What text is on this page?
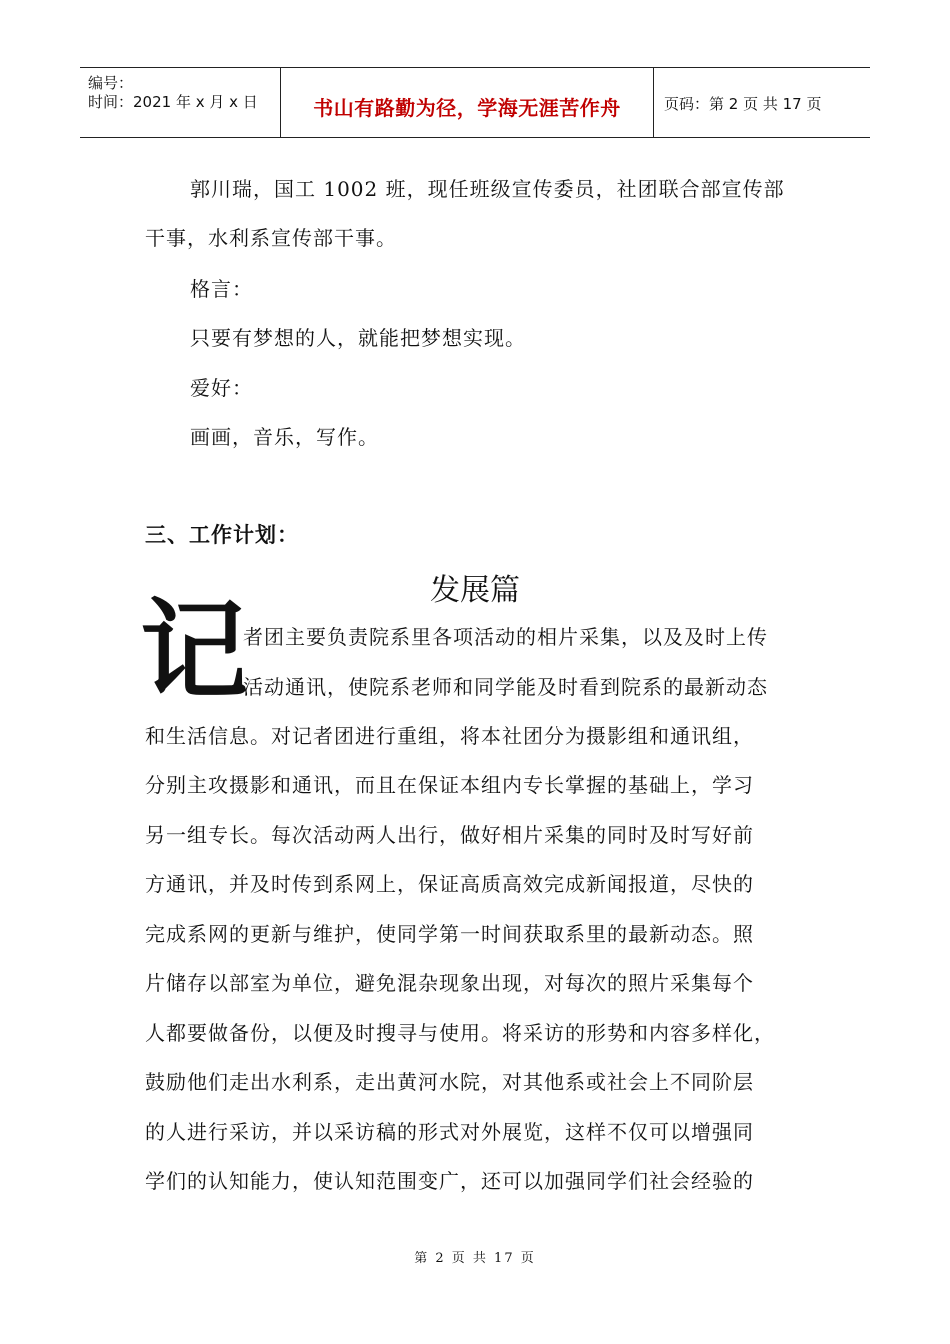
编号：
时间：2021 年 x 月 x 日	书山有路勤为径，学海无涯苦作舟	页码：第 2 页 共 17 页
郭川瑞，国工 1002 班，现任班级宣传委员，社团联合部宣传部
干事，水利系宣传部干事。
格言：
只要有梦想的人，就能把梦想实现。
爱好：
画画，音乐，写作。
三、工作计划：
发展篇
记
者团主要负责院系里各项活动的相片采集，以及及时上传
活动通讯，使院系老师和同学能及时看到院系的最新动态
和生活信息。对记者团进行重组，将本社团分为摄影组和通讯组，
分别主攻摄影和通讯，而且在保证本组内专长掌握的基础上，学习
另一组专长。每次活动两人出行，做好相片采集的同时及时写好前
方通讯，并及时传到系网上，保证高质高效完成新闻报道，尽快的
完成系网的更新与维护，使同学第一时间获取系里的最新动态。照
片储存以部室为单位，避免混杂现象出现，对每次的照片采集每个
人都要做备份，以便及时搜寻与使用。将采访的形势和内容多样化，
鼓励他们走出水利系，走出黄河水院，对其他系或社会上不同阶层
的人进行采访，并以采访稿的形式对外展览，这样不仅可以增强同
学们的认知能力，使认知范围变广，还可以加强同学们社会经验的
第 2 页 共 17 页
